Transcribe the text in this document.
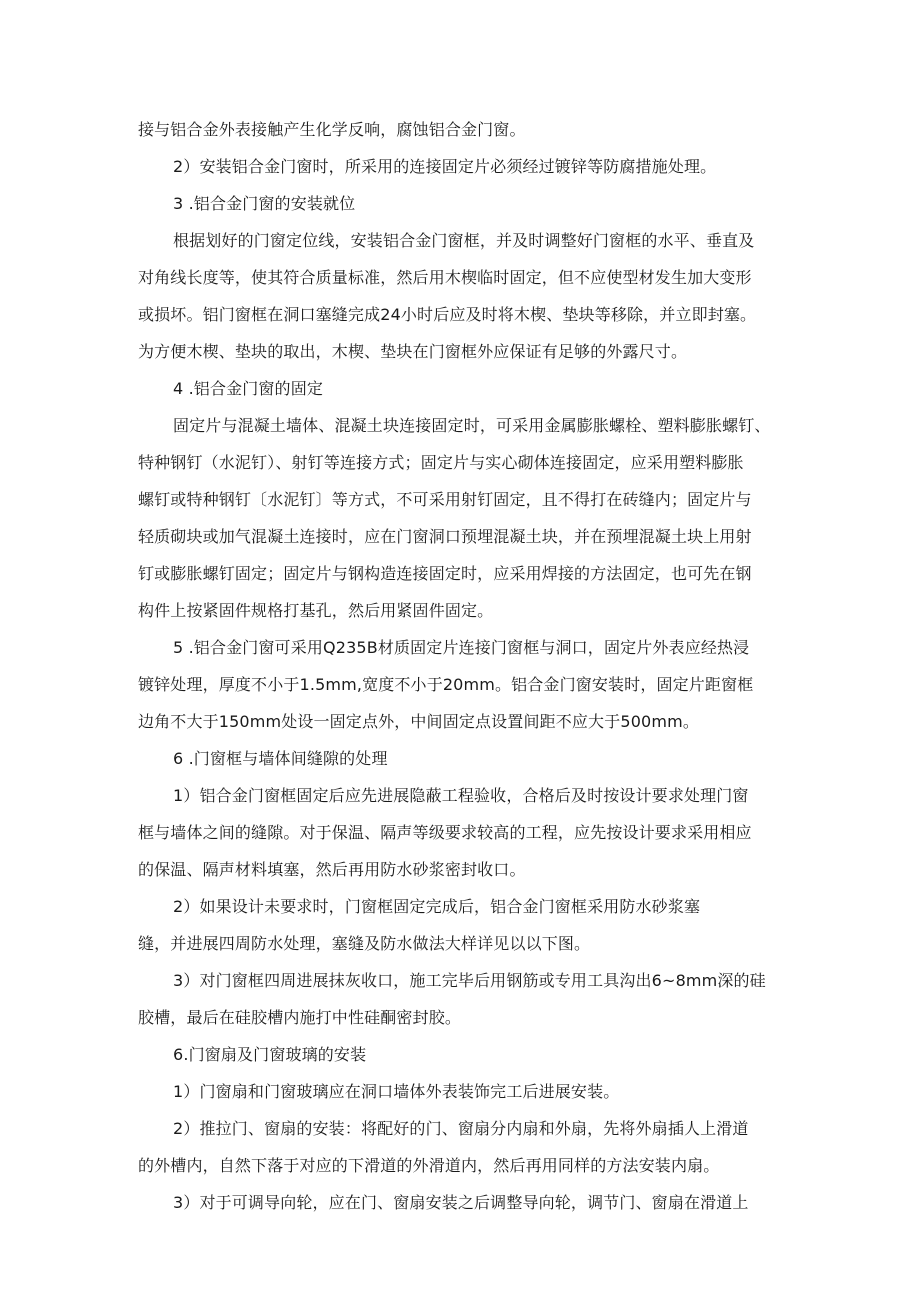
接与铝合金外表接触产生化学反响，腐蚀铝合金门窗。
2）安装铝合金门窗时，所采用的连接固定片必须经过镀锌等防腐措施处理。
3 .铝合金门窗的安装就位
根据划好的门窗定位线，安装铝合金门窗框，并及时调整好门窗框的水平、垂直及
对角线长度等，使其符合质量标准，然后用木楔临时固定，但不应使型材发生加大变形
或损坏。铝门窗框在洞口塞缝完成24小时后应及时将木楔、垫块等移除，并立即封塞。
为方便木楔、垫块的取出，木楔、垫块在门窗框外应保证有足够的外露尺寸。
4 .铝合金门窗的固定
固定片与混凝土墙体、混凝土块连接固定时，可采用金属膨胀螺栓、塑料膨胀螺钉、
特种钢钉（水泥钉）、射钉等连接方式；固定片与实心砌体连接固定，应采用塑料膨胀
螺钉或特种钢钉〔水泥钉〕等方式，不可采用射钉固定，且不得打在砖缝内；固定片与
轻质砌块或加气混凝土连接时，应在门窗洞口预埋混凝土块，并在预埋混凝土块上用射
钉或膨胀螺钉固定；固定片与钢构造连接固定时，应采用焊接的方法固定，也可先在钢
构件上按紧固件规格打基孔，然后用紧固件固定。
5 .铝合金门窗可采用Q235B材质固定片连接门窗框与洞口，固定片外表应经热浸
镀锌处理，厚度不小于1.5mm,宽度不小于20mm。铝合金门窗安装时，固定片距窗框
边角不大于150mm处设一固定点外，中间固定点设置间距不应大于500mm。
6 .门窗框与墙体间缝隙的处理
1）铝合金门窗框固定后应先进展隐蔽工程验收，合格后及时按设计要求处理门窗
框与墙体之间的缝隙。对于保温、隔声等级要求较高的工程，应先按设计要求采用相应
的保温、隔声材料填塞，然后再用防水砂浆密封收口。
2）如果设计未要求时，门窗框固定完成后，铝合金门窗框采用防水砂浆塞
缝，并进展四周防水处理，塞缝及防水做法大样详见以以下图。
3）对门窗框四周进展抹灰收口，施工完毕后用钢筋或专用工具沟出6~8mm深的硅
胶槽，最后在硅胶槽内施打中性硅酮密封胶。
6.门窗扇及门窗玻璃的安装
1）门窗扇和门窗玻璃应在洞口墙体外表装饰完工后进展安装。
2）推拉门、窗扇的安装：将配好的门、窗扇分内扇和外扇，先将外扇插人上滑道
的外槽内，自然下落于对应的下滑道的外滑道内，然后再用同样的方法安装内扇。
3）对于可调导向轮，应在门、窗扇安装之后调整导向轮，调节门、窗扇在滑道上
